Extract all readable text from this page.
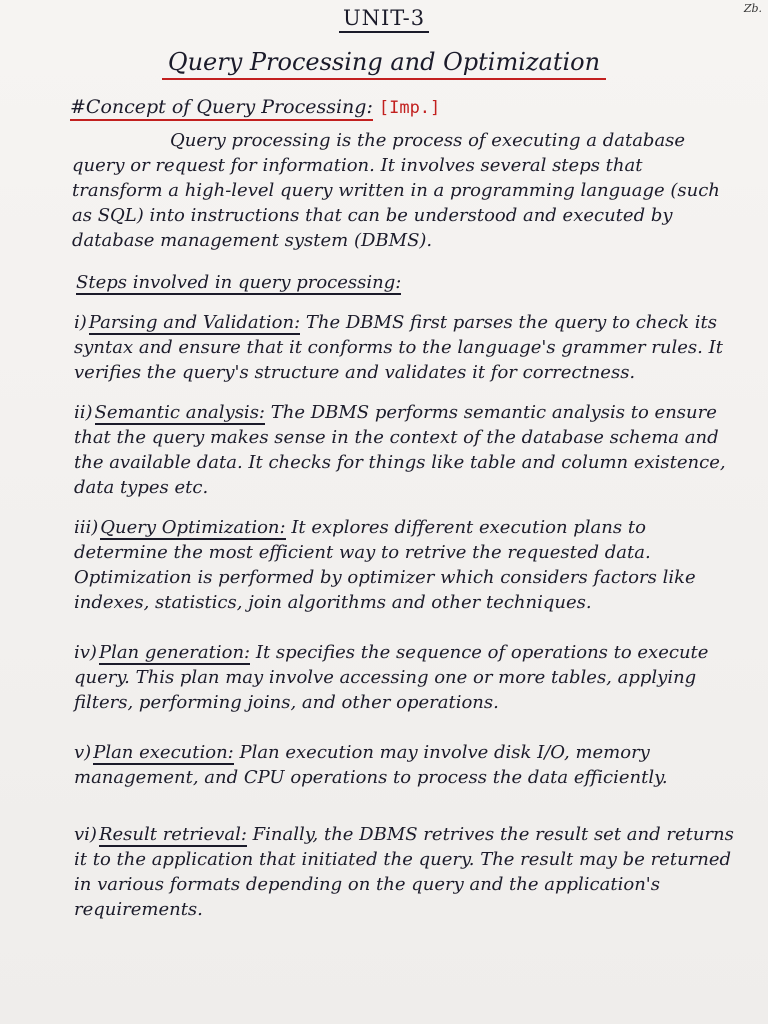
Zb.
UNIT-3
Query Processing and Optimization
#Concept of Query Processing: [Imp.]
Query processing is the process of executing a database query or request for information. It involves several steps that transform a high-level query written in a programming language (such as SQL) into instructions that can be understood and executed by database management system (DBMS).
Steps involved in query processing:
i) Parsing and Validation: The DBMS first parses the query to check its syntax and ensure that it conforms to the language's grammer rules. It verifies the query's structure and validates it for correctness.
ii) Semantic analysis: The DBMS performs semantic analysis to ensure that the query makes sense in the context of the database schema and the available data. It checks for things like table and column existence, data types etc.
iii) Query Optimization: It explores different execution plans to determine the most efficient way to retrive the requested data. Optimization is performed by optimizer which considers factors like indexes, statistics, join algorithms and other techniques.
iv) Plan generation: It specifies the sequence of operations to execute query. This plan may involve accessing one or more tables, applying filters, performing joins, and other operations.
v) Plan execution: Plan execution may involve disk I/O, memory management, and CPU operations to process the data efficiently.
vi) Result retrieval: Finally, the DBMS retrives the result set and returns it to the application that initiated the query. The result may be returned in various formats depending on the query and the application's requirements.
